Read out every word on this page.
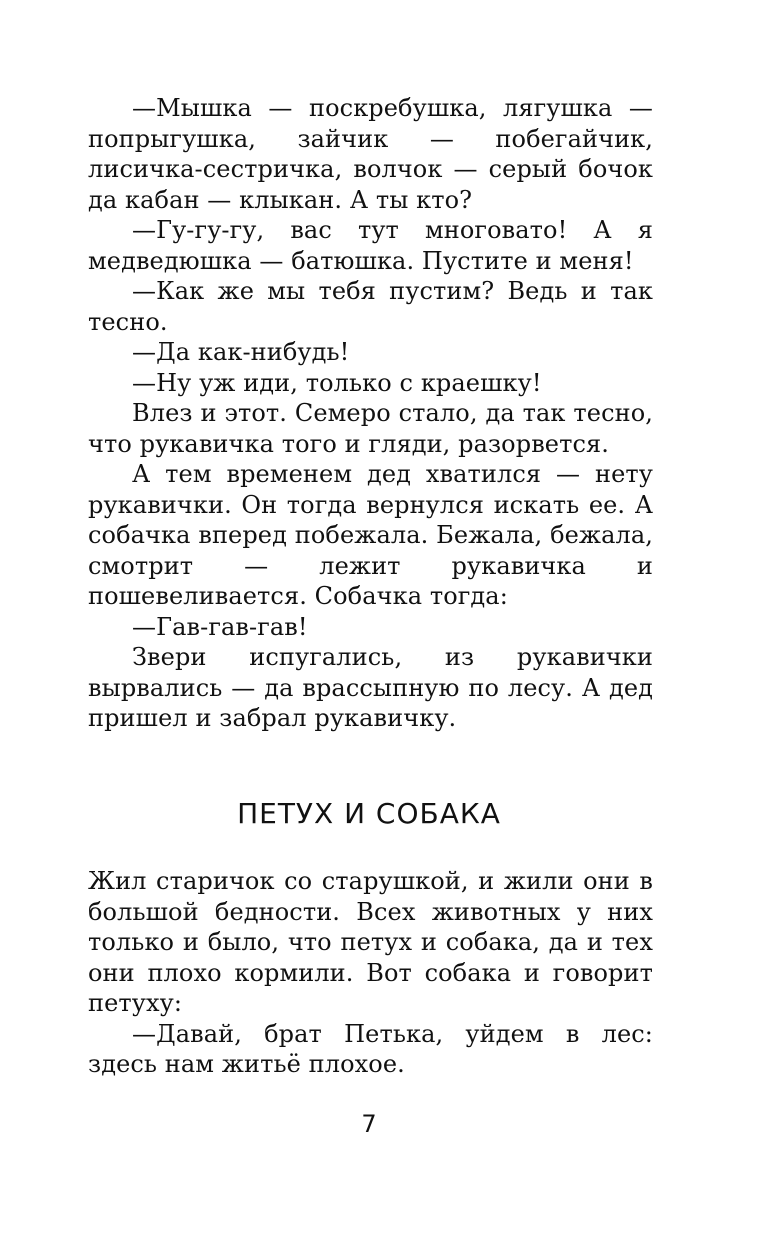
—Мышка — поскребушка, лягушка — попрыгушка, зайчик — побегайчик, лисичка-сестричка, волчок — серый бочок да кабан — клыкан. А ты кто?

—Гу-гу-гу, вас тут многовато! А я медведюшка — батюшка. Пустите и меня!

—Как же мы тебя пустим? Ведь и так тесно.

—Да как-нибудь!

—Ну уж иди, только с краешку!

Влез и этот. Семеро стало, да так тесно, что рукавичка того и гляди, разорвется.

А тем временем дед хватился — нету рукавички. Он тогда вернулся искать ее. А собачка вперед побежала. Бежала, бежала, смотрит — лежит рукавичка и пошевеливается. Собачка тогда:

—Гав-гав-гав!

Звери испугались, из рукавички вырвались — да врассыпную по лесу. А дед пришел и забрал рукавичку.

ПЕТУХ И СОБАКА

Жил старичок со старушкой, и жили они в большой бедности. Всех животных у них только и было, что петух и собака, да и тех они плохо кормили. Вот собака и говорит петуху:

—Давай, брат Петька, уйдем в лес: здесь нам житьё плохое.

7
